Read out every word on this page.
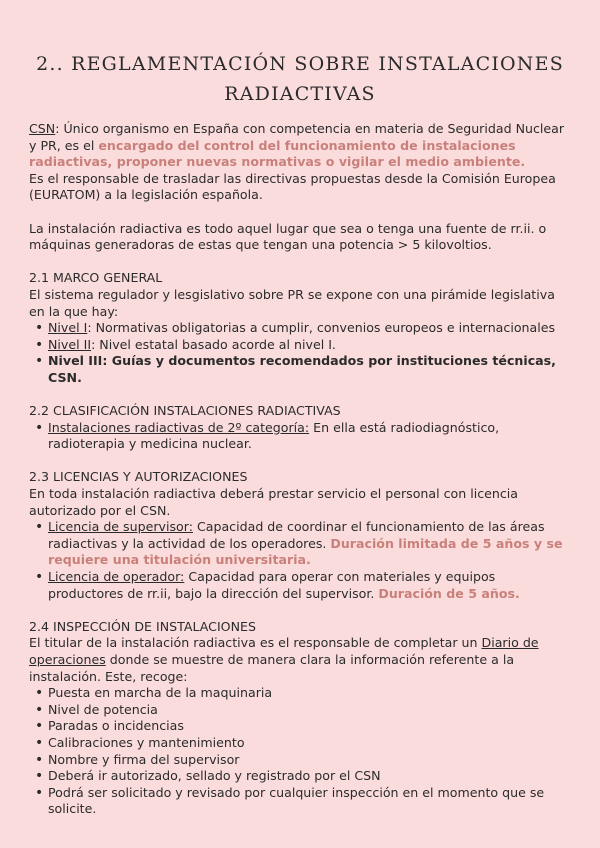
2.. REGLAMENTACIÓN SOBRE INSTALACIONES RADIACTIVAS

CSN: Único organismo en España con competencia en materia de Seguridad Nuclear y PR, es el encargado del control del funcionamiento de instalaciones radiactivas, proponer nuevas normativas o vigilar el medio ambiente.

Es el responsable de trasladar las directivas propuestas desde la Comisión Europea (EURATOM) a la legislación española.

La instalación radiactiva es todo aquel lugar que sea o tenga una fuente de rr.ii. o máquinas generadoras de estas que tengan una potencia > 5 kilovoltios.

2.1 MARCO GENERAL

El sistema regulador y lesgislativo sobre PR se expone con una pirámide legislativa en la que hay:

• Nivel I: Normativas obligatorias a cumplir, convenios europeos e internacionales
• Nivel II: Nivel estatal basado acorde al nivel I.
• Nivel III: Guías y documentos recomendados por instituciones técnicas, CSN.

2.2 CLASIFICACIÓN INSTALACIONES RADIACTIVAS

• Instalaciones radiactivas de 2º categoría: En ella está radiodiagnóstico, radioterapia y medicina nuclear.

2.3 LICENCIAS Y AUTORIZACIONES

En toda instalación radiactiva deberá prestar servicio el personal con licencia autorizado por el CSN.

• Licencia de supervisor: Capacidad de coordinar el funcionamiento de las áreas radiactivas y la actividad de los operadores. Duración limitada de 5 años y se requiere una titulación universitaria.
• Licencia de operador: Capacidad para operar con materiales y equipos productores de rr.ii, bajo la dirección del supervisor. Duración de 5 años.

2.4 INSPECCIÓN DE INSTALACIONES

El titular de la instalación radiactiva es el responsable de completar un Diario de operaciones donde se muestre de manera clara la información referente a la instalación. Este, recoge:

• Puesta en marcha de la maquinaria
• Nivel de potencia
• Paradas o incidencias
• Calibraciones y mantenimiento
• Nombre y firma del supervisor
• Deberá ir autorizado, sellado y registrado por el CSN
• Podrá ser solicitado y revisado por cualquier inspección en el momento que se solicite.
